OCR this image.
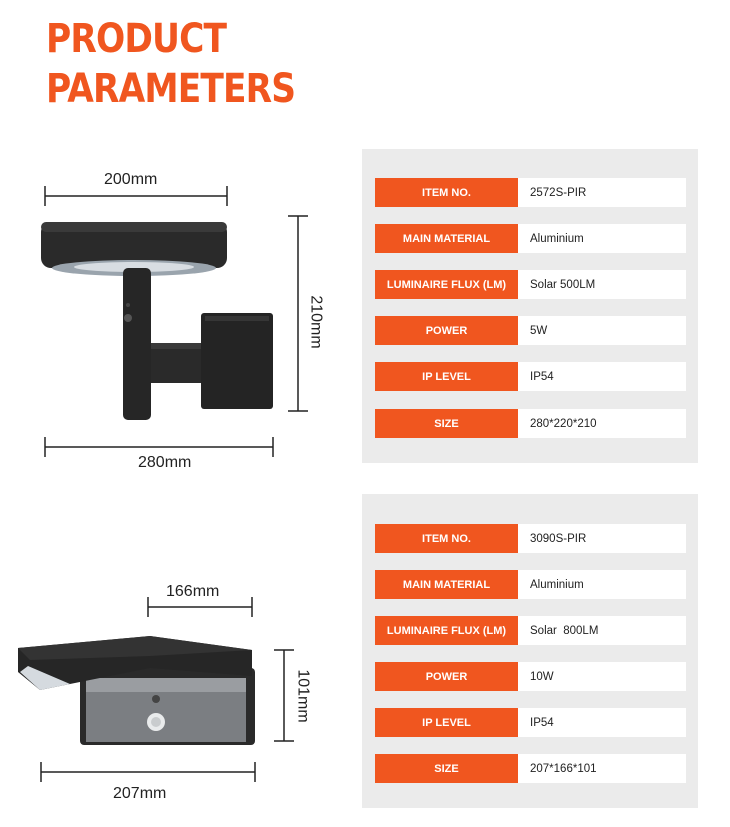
PRODUCT
PARAMETERS
200mm
280mm
210mm
166mm
207mm
101mm
ITEM NO.	2572S-PIR
MAIN MATERIAL	Aluminium
LUMINAIRE FLUX (LM)	Solar 500LM
POWER	5W
IP LEVEL	IP54
SIZE	280*220*210
ITEM NO.	3090S-PIR
MAIN MATERIAL	Aluminium
LUMINAIRE FLUX (LM)	Solar  800LM
POWER	10W
IP LEVEL	IP54
SIZE	207*166*101
